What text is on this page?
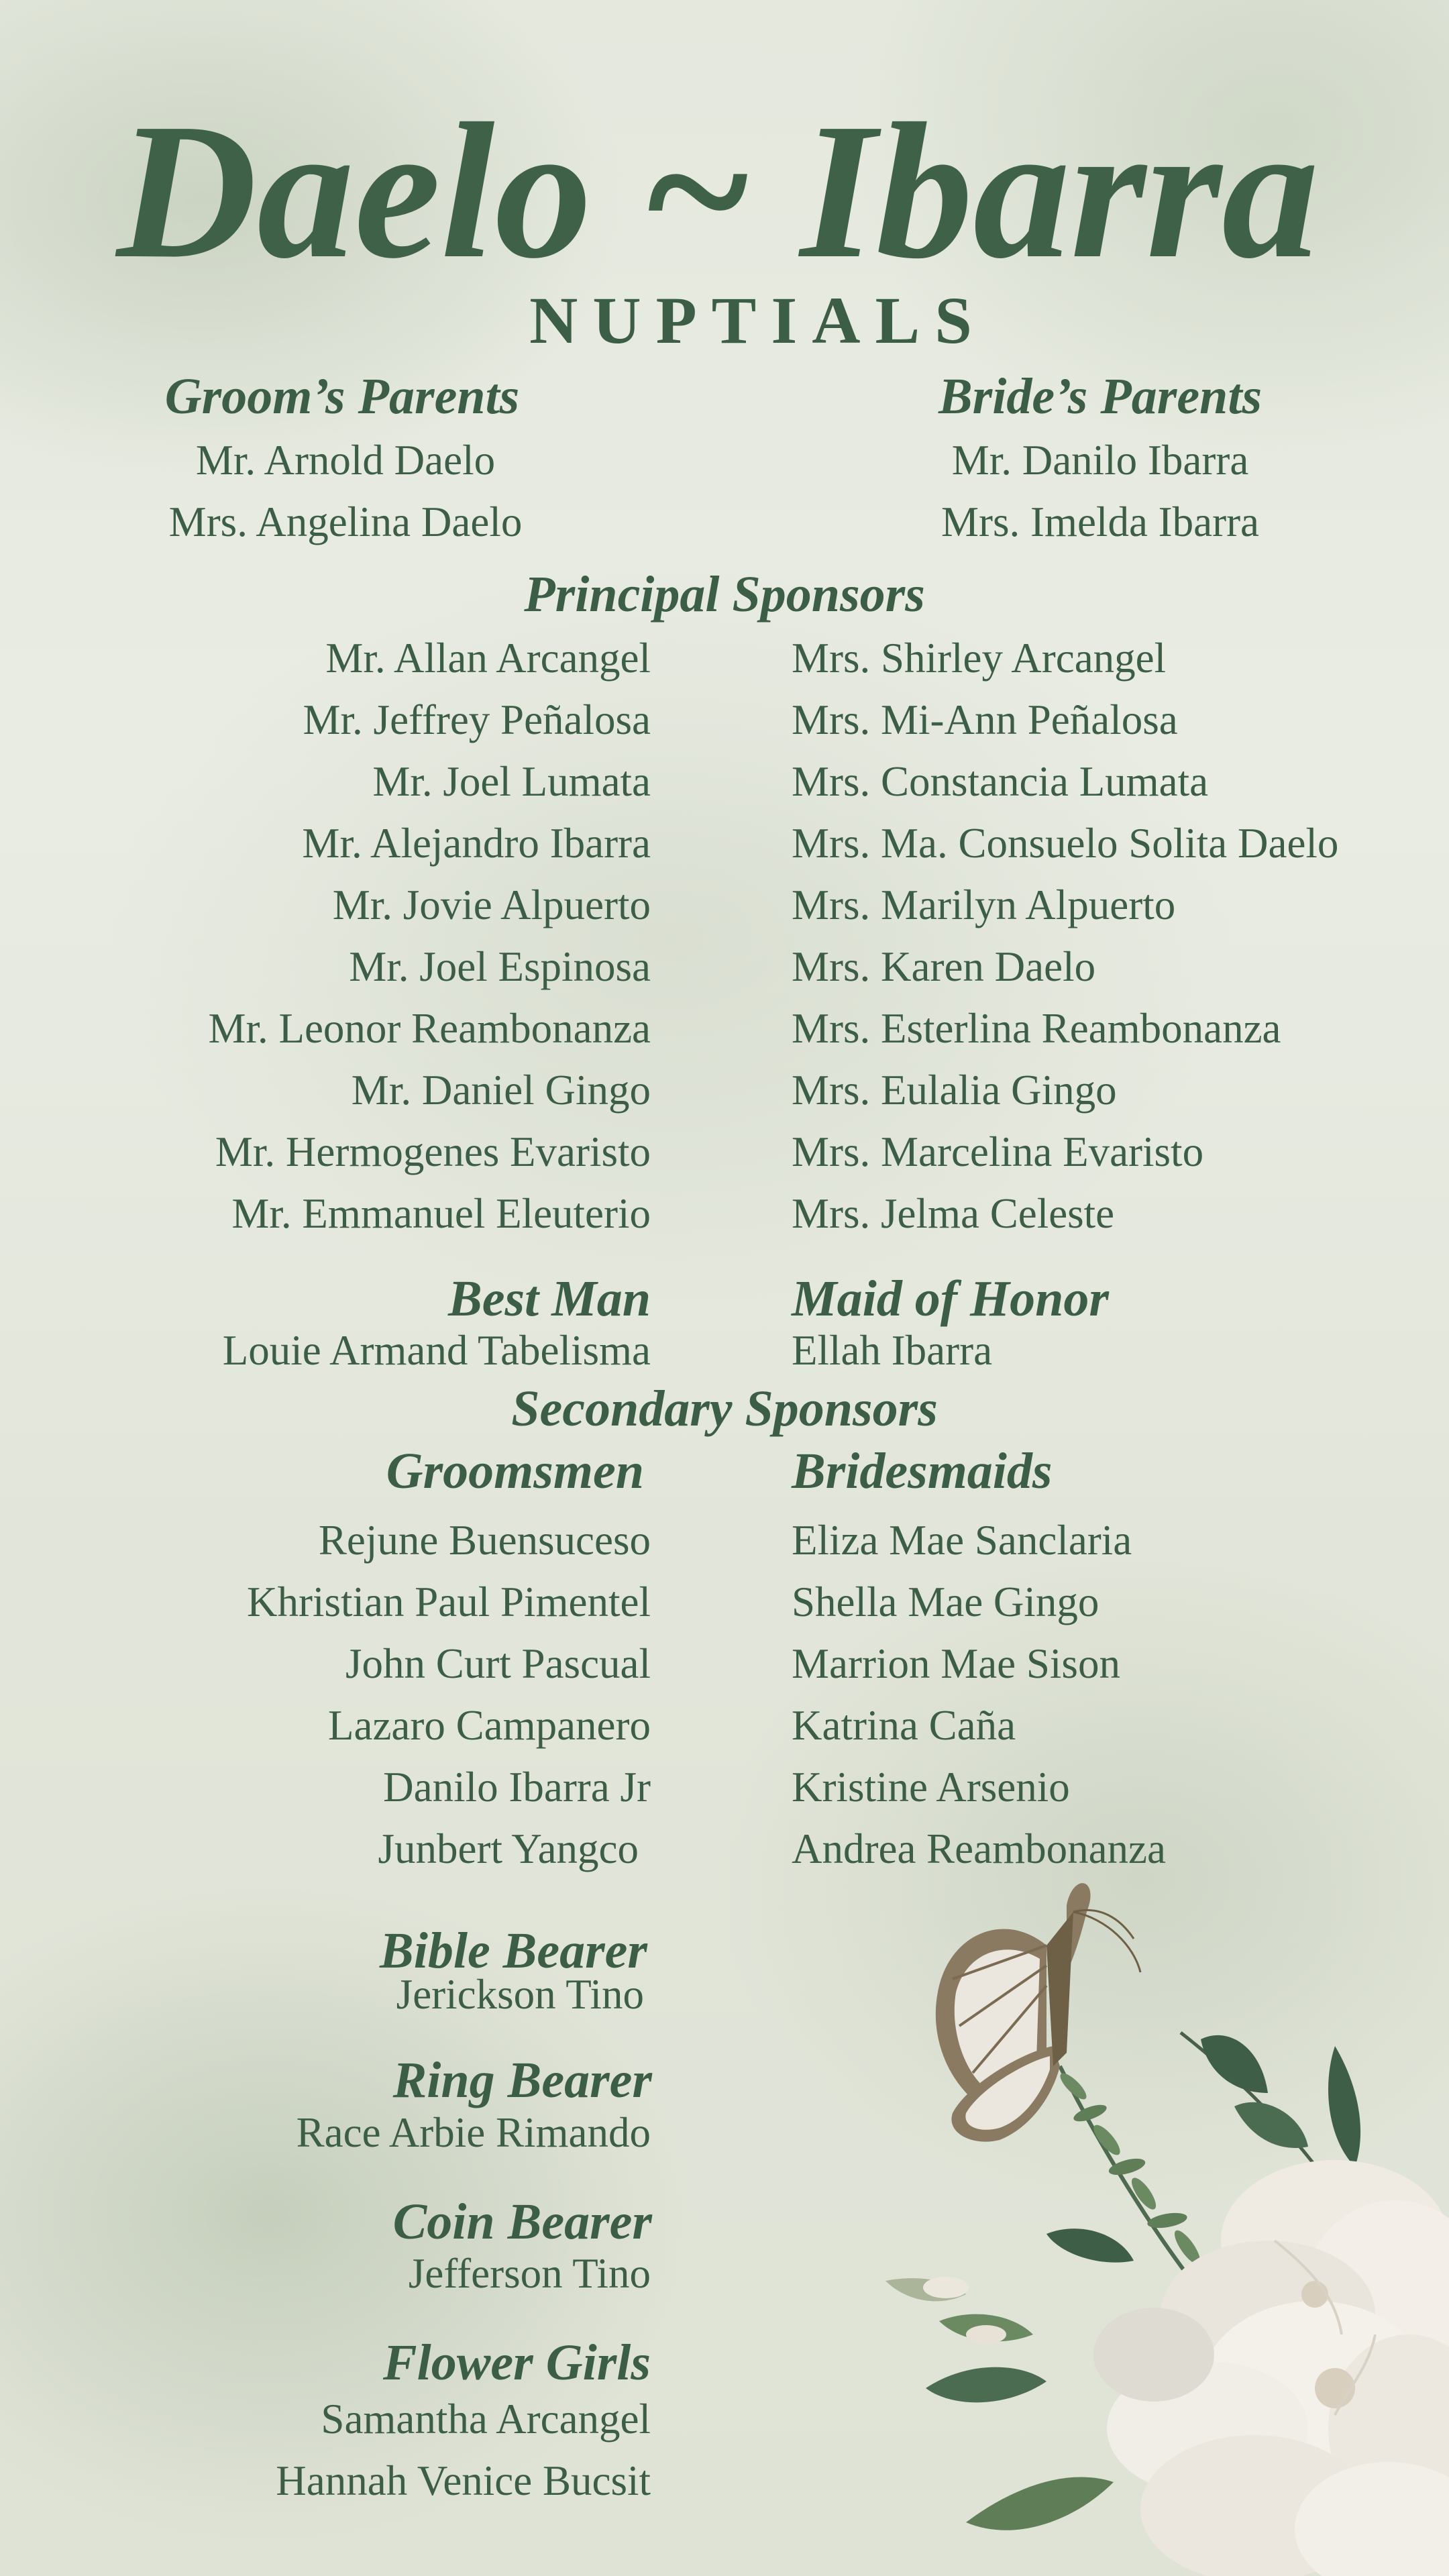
Daelo ~ Ibarra
NUPTIALS
Groom’s Parents	Bride’s Parents
Mr. Arnold Daelo
Mrs. Angelina Daelo
Mr. Danilo Ibarra
Mrs. Imelda Ibarra
Principal Sponsors
Mr. Allan Arcangel
Mr. Jeffrey Peñalosa
Mr. Joel Lumata
Mr. Alejandro Ibarra
Mr. Jovie Alpuerto
Mr. Joel Espinosa
Mr. Leonor Reambonanza
Mr. Daniel Gingo
Mr. Hermogenes Evaristo
Mr. Emmanuel Eleuterio
Mrs. Shirley Arcangel
Mrs. Mi-Ann Peñalosa
Mrs. Constancia Lumata
Mrs. Ma. Consuelo Solita Daelo
Mrs. Marilyn Alpuerto
Mrs. Karen Daelo
Mrs. Esterlina Reambonanza
Mrs. Eulalia Gingo
Mrs. Marcelina Evaristo
Mrs. Jelma Celeste
Best Man
Louie Armand Tabelisma
Maid of Honor
Ellah Ibarra
Secondary Sponsors
Groomsmen	Bridesmaids
Rejune Buensuceso
Khristian Paul Pimentel
John Curt Pascual
Lazaro Campanero
Danilo Ibarra Jr
Junbert Yangco
Eliza Mae Sanclaria
Shella Mae Gingo
Marrion Mae Sison
Katrina Caña
Kristine Arsenio
Andrea Reambonanza
Bible Bearer
Jerickson Tino
Ring Bearer
Race Arbie Rimando
Coin Bearer
Jefferson Tino
Flower Girls
Samantha Arcangel
Hannah Venice Bucsit
